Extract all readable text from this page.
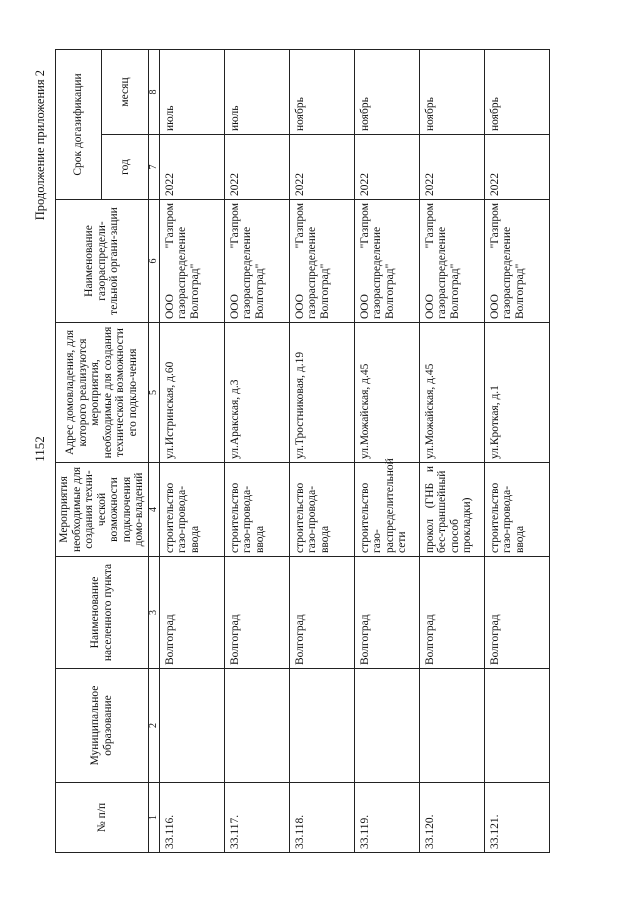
1152
Продолжение приложения 2
№ п/п	Муниципальное образование	Наименование населенного пункта	Мероприятия необходимые для создания техни-ческой возможности подключения домо-владений	Адрес домовладения, для которого реализуются мероприятия, необходимые для создания технической возможности его подклю-чения	Наименование газораспредели-тельной органи-зации	Срок догазификации	
						год	месяц
1	2	3	4	5	6	7	8
33.116.		Волгоград	строительство газо-провода-ввода	ул.Истринская, д.60	ООО "Газпром газораспределение Волгоград"	2022	июль
33.117.		Волгоград	строительство газо-провода-ввода	ул.Аракская, д.3	ООО "Газпром газораспределение Волгоград"	2022	июль
33.118.		Волгоград	строительство газо-провода-ввода	ул.Тростниковая, д.19	ООО "Газпром газораспределение Волгоград"	2022	ноябрь
33.119.		Волгоград	строительство газо-распределительной сети	ул.Можайская, д.45	ООО "Газпром газораспределение Волгоград"	2022	ноябрь
33.120.		Волгоград	прокол (ГНБ и бес-траншейный способ прокладки)	ул.Можайская, д.45	ООО "Газпром газораспределение Волгоград"	2022	ноябрь
33.121.		Волгоград	строительство газо-провода-ввода	ул.Кроткая, д.1	ООО "Газпром газораспределение Волгоград"	2022	ноябрь
